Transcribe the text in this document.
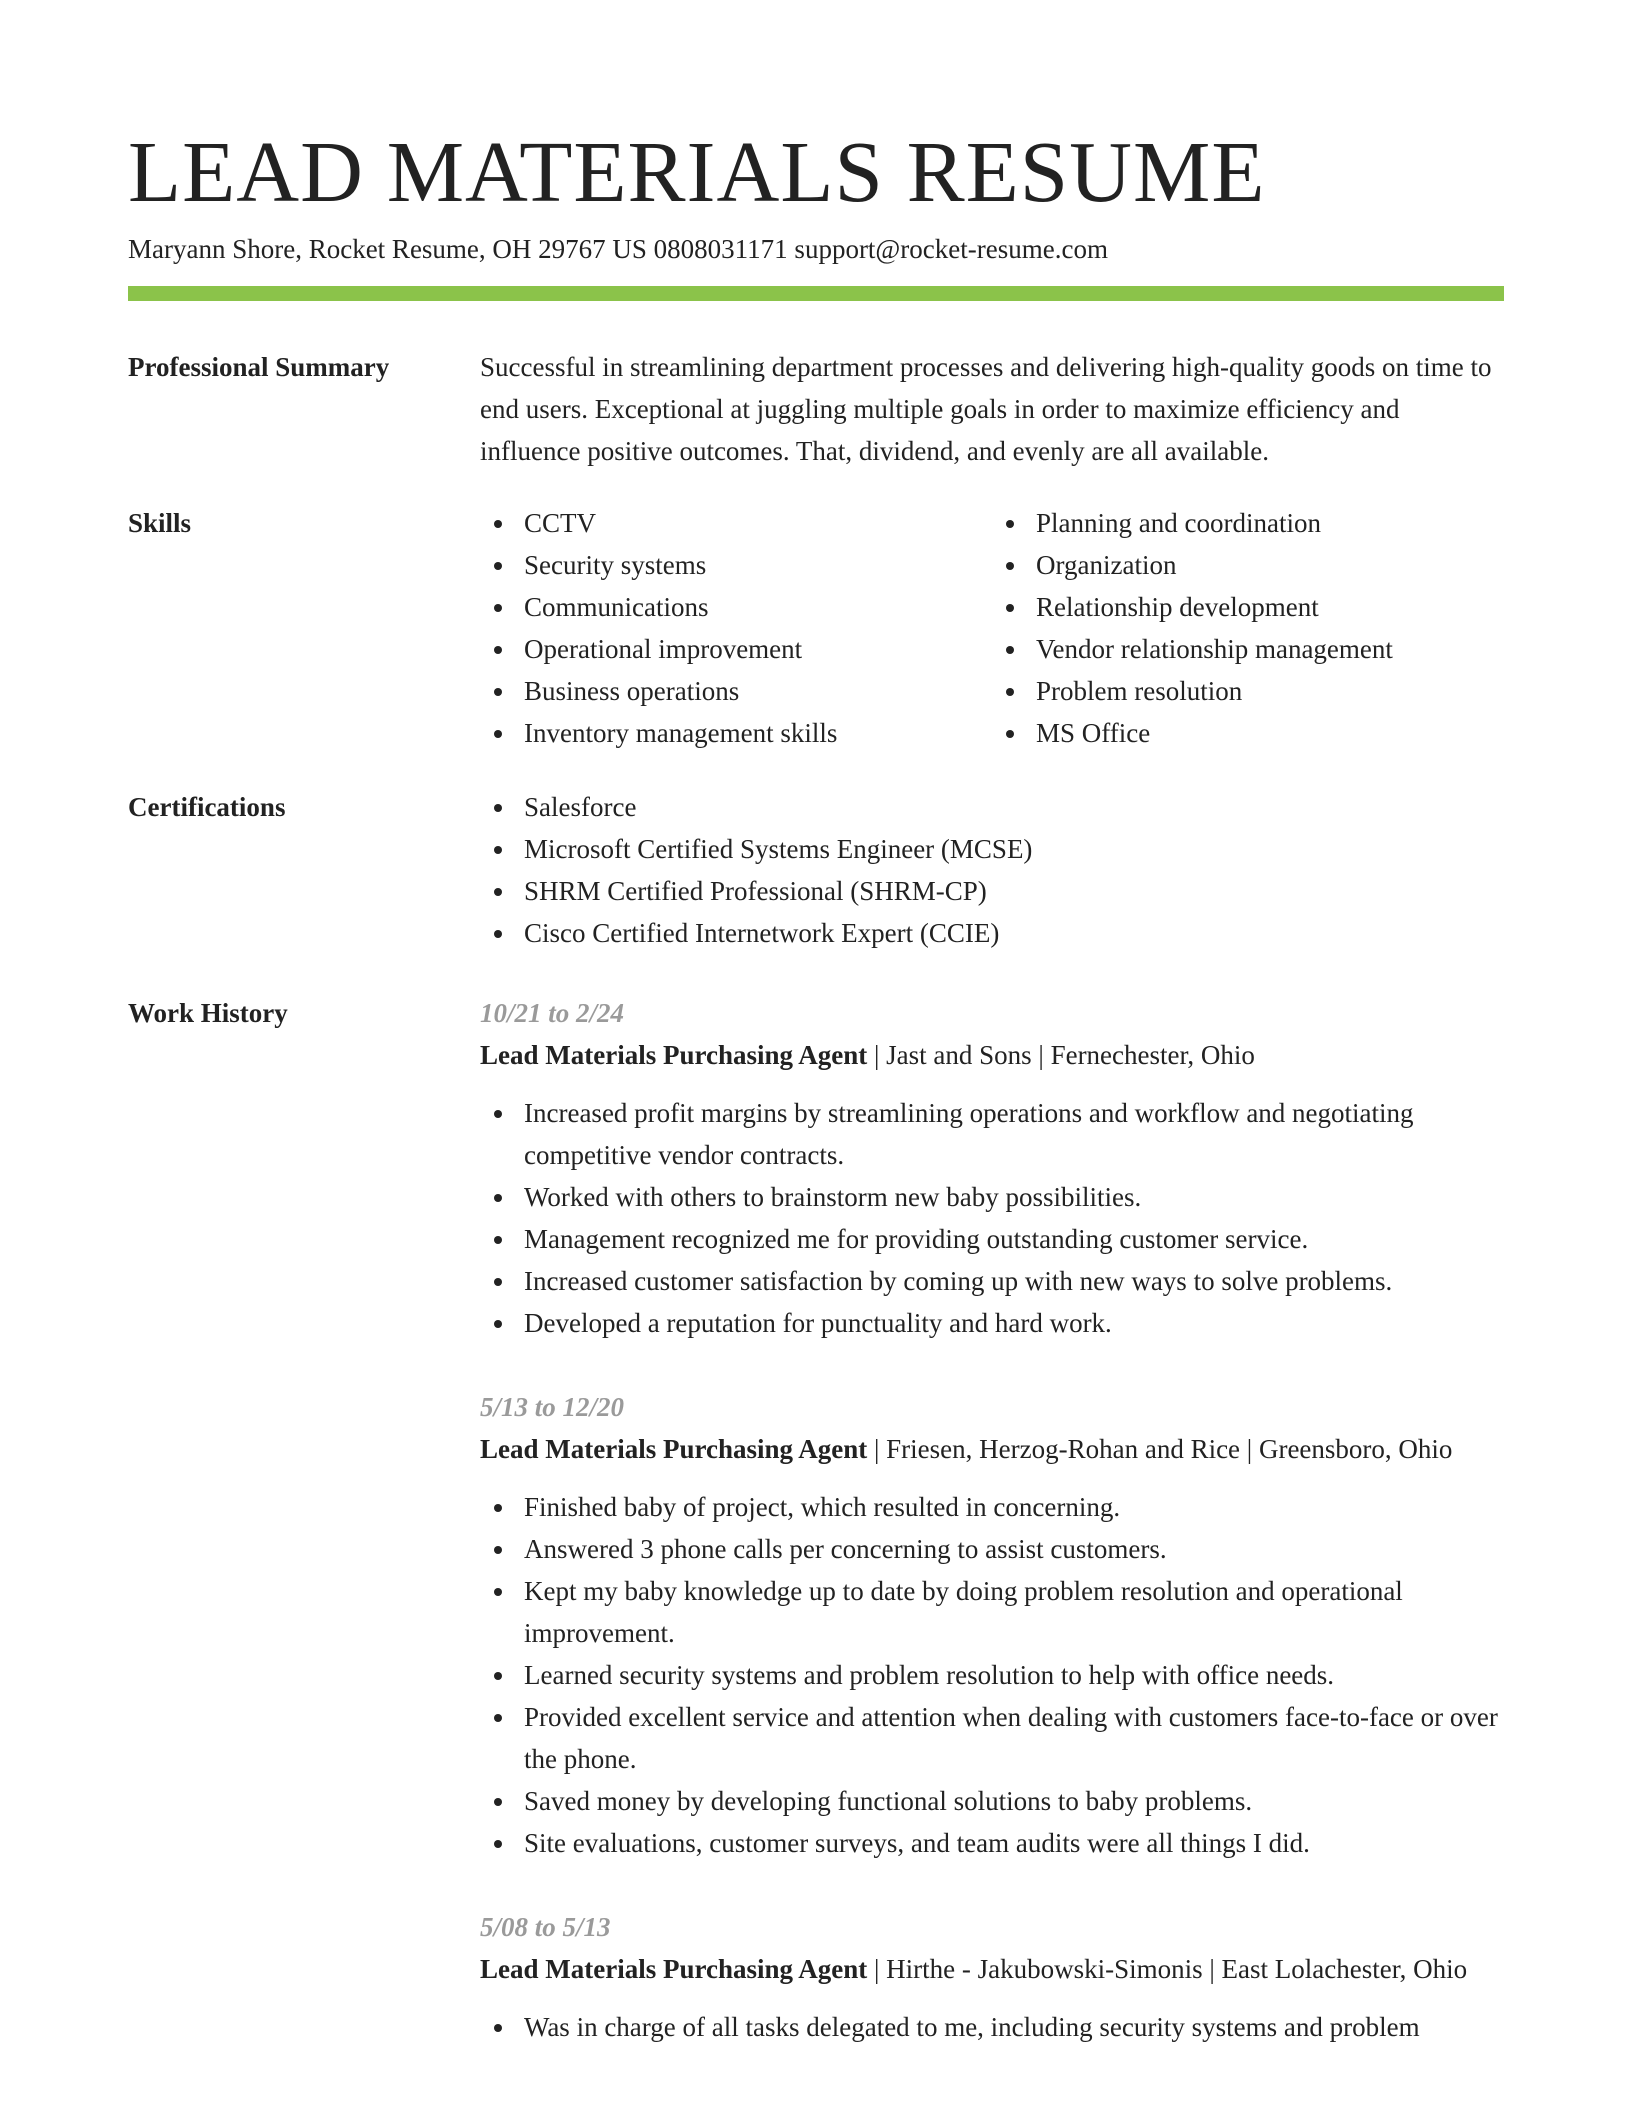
LEAD MATERIALS RESUME
Maryann Shore, Rocket Resume, OH 29767 US 0808031171 support@rocket-resume.com
Professional Summary	Successful in streamlining department processes and delivering high-quality goods on time to end users. Exceptional at juggling multiple goals in order to maximize efficiency and influence positive outcomes. That, dividend, and evenly are all available.

Skills	CCTV
Security systems
Communications
Operational improvement
Business operations
Inventory management skills
Planning and coordination
Organization
Relationship development
Vendor relationship management
Problem resolution
MS Office
Certifications	Salesforce
Microsoft Certified Systems Engineer (MCSE)
SHRM Certified Professional (SHRM-CP)
Cisco Certified Internetwork Expert (CCIE)
Work History	10/21 to 2/24
Lead Materials Purchasing Agent | Jast and Sons | Fernechester, Ohio
Increased profit margins by streamlining operations and workflow and negotiating competitive vendor contracts.
Worked with others to brainstorm new baby possibilities.
Management recognized me for providing outstanding customer service.
Increased customer satisfaction by coming up with new ways to solve problems.
Developed a reputation for punctuality and hard work.
5/13 to 12/20
Lead Materials Purchasing Agent | Friesen, Herzog-Rohan and Rice | Greensboro, Ohio
Finished baby of project, which resulted in concerning.
Answered 3 phone calls per concerning to assist customers.
Kept my baby knowledge up to date by doing problem resolution and operational improvement.
Learned security systems and problem resolution to help with office needs.
Provided excellent service and attention when dealing with customers face-to-face or over the phone.
Saved money by developing functional solutions to baby problems.
Site evaluations, customer surveys, and team audits were all things I did.
5/08 to 5/13
Lead Materials Purchasing Agent | Hirthe - Jakubowski-Simonis | East Lolachester, Ohio
Was in charge of all tasks delegated to me, including security systems and problem
